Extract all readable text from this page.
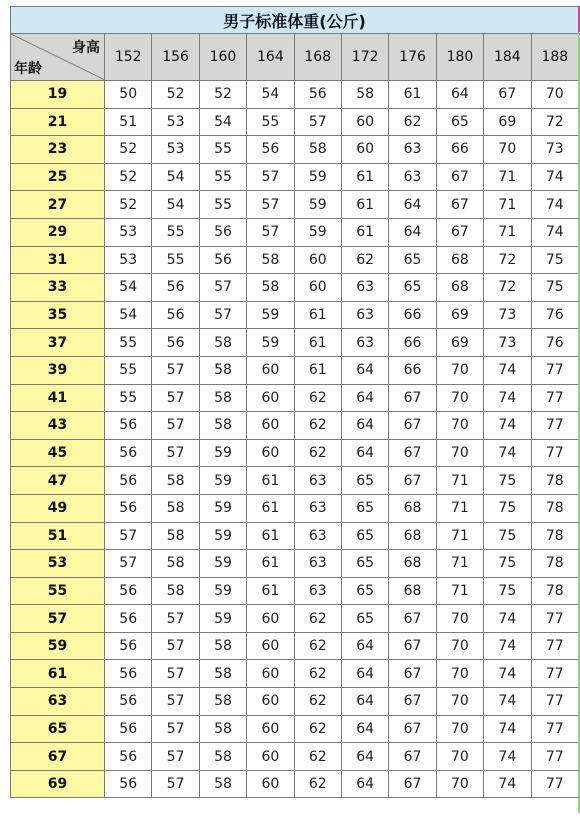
男子标准体重(公斤)										

身高
年龄	152	156	160	164	168	172	176	180	184	188
19	50	52	52	54	56	58	61	64	67	70
21	51	53	54	55	57	60	62	65	69	72
23	52	53	55	56	58	60	63	66	70	73
25	52	54	55	57	59	61	63	67	71	74
27	52	54	55	57	59	61	64	67	71	74
29	53	55	56	57	59	61	64	67	71	74
31	53	55	56	58	60	62	65	68	72	75
33	54	56	57	58	60	63	65	68	72	75
35	54	56	57	59	61	63	66	69	73	76
37	55	56	58	59	61	63	66	69	73	76
39	55	57	58	60	61	64	66	70	74	77
41	55	57	58	60	62	64	67	70	74	77
43	56	57	58	60	62	64	67	70	74	77
45	56	57	59	60	62	64	67	70	74	77
47	56	58	59	61	63	65	67	71	75	78
49	56	58	59	61	63	65	68	71	75	78
51	57	58	59	61	63	65	68	71	75	78
53	57	58	59	61	63	65	68	71	75	78
55	56	58	59	61	63	65	68	71	75	78
57	56	57	59	60	62	65	67	70	74	77
59	56	57	58	60	62	64	67	70	74	77
61	56	57	58	60	62	64	67	70	74	77
63	56	57	58	60	62	64	67	70	74	77
65	56	57	58	60	62	64	67	70	74	77
67	56	57	58	60	62	64	67	70	74	77
69	56	57	58	60	62	64	67	70	74	77
